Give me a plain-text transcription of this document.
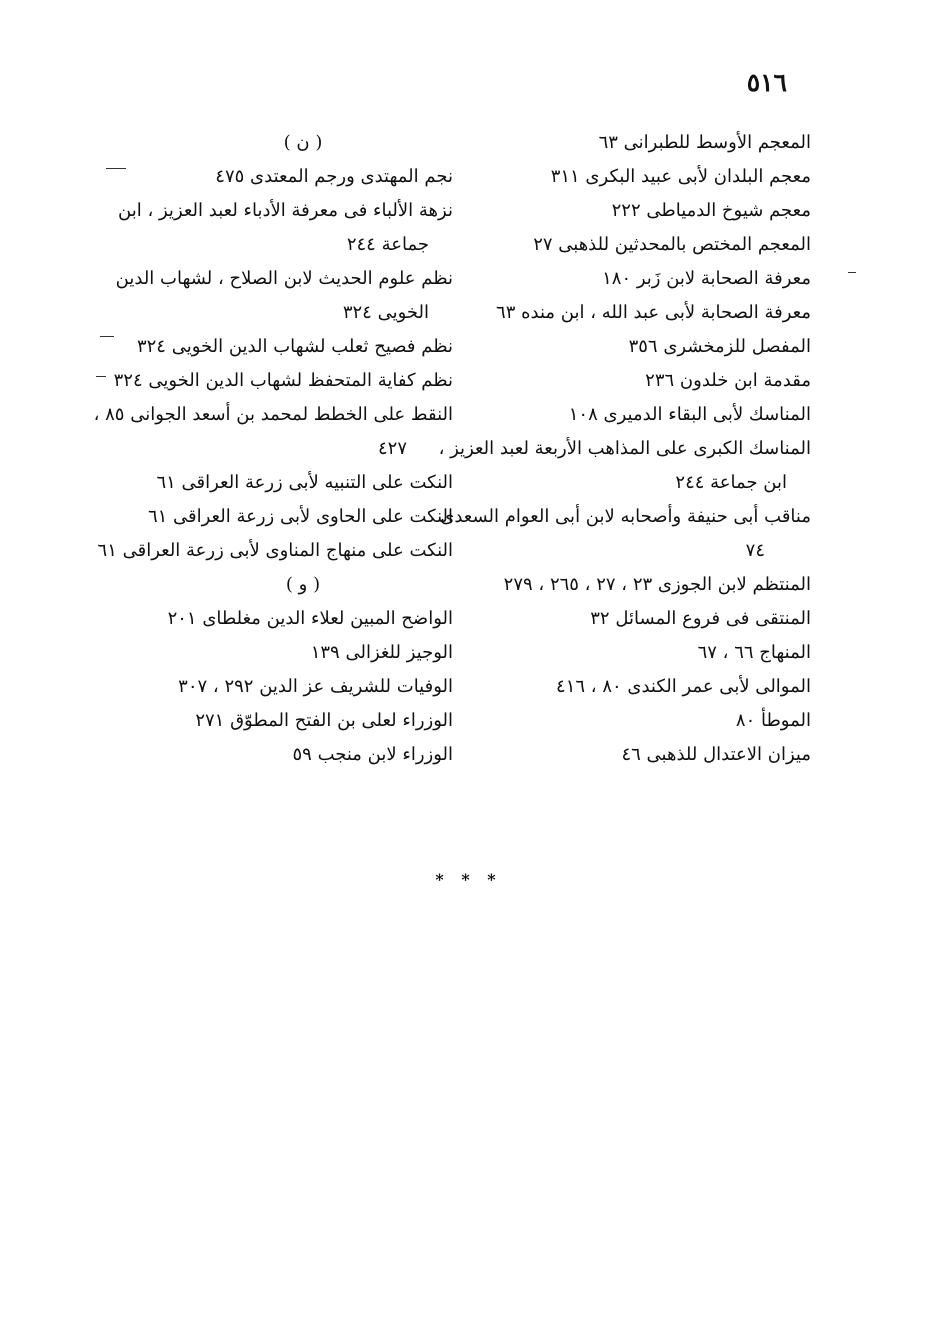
٥١٦
المعجم الأوسط للطبرانى ٦٣
معجم البلدان لأبى عبيد البكرى ٣١١
معجم شيوخ الدمياطى ٢٢٢
المعجم المختص بالمحدثين للذهبى ٢٧
معرفة الصحابة لابن زَبر ١٨٠
معرفة الصحابة لأبى عبد الله ، ابن منده ٦٣
المفصل للزمخشرى ٣٥٦
مقدمة ابن خلدون ٢٣٦
المناسك لأبى البقاء الدميرى ١٠٨
المناسك الكبرى على المذاهب الأربعة لعبد العزيز ،
ابن جماعة ٢٤٤
مناقب أبى حنيفة وأصحابه لابن أبى العوام السعدى
٧٤
المنتظم لابن الجوزى ٢٣ ، ٢٧ ، ٢٦٥ ، ٢٧٩
المنتقى فى فروع المسائل ٣٢
المنهاج ٦٦ ، ٦٧
الموالى لأبى عمر الكندى ٨٠ ، ٤١٦
الموطأ ٨٠
ميزان الاعتدال للذهبى ٤٦
( ن )
نجم المهتدى ورجم المعتدى ٤٧٥
نزهة الألباء فى معرفة الأدباء لعبد العزيز ، ابن
جماعة ٢٤٤
نظم علوم الحديث لابن الصلاح ، لشهاب الدين
الخويى ٣٢٤
نظم فصيح ثعلب لشهاب الدين الخويى ٣٢٤
نظم كفاية المتحفظ لشهاب الدين الخويى ٣٢٤
النقط على الخطط لمحمد بن أسعد الجوانى ٨٥ ،
٤٢٧
النكت على التنبيه لأبى زرعة العراقى ٦١
النكت على الحاوى لأبى زرعة العراقى ٦١
النكت على منهاج المناوى لأبى زرعة العراقى ٦١
( و )
الواضح المبين لعلاء الدين مغلطاى ٢٠١
الوجيز للغزالى ١٣٩
الوفيات للشريف عز الدين ٢٩٢ ، ٣٠٧
الوزراء لعلى بن الفتح المطوّق ٢٧١
الوزراء لابن منجب ٥٩
* * *
